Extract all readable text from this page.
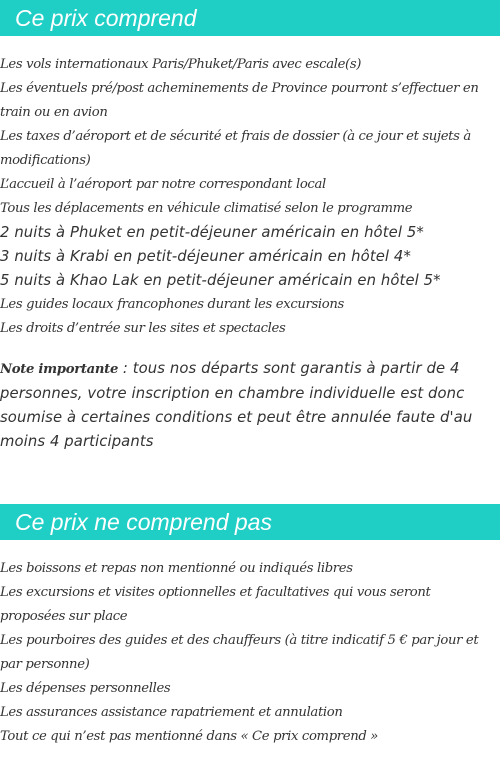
Ce prix comprend
Les vols internationaux Paris/Phuket/Paris avec escale(s)
Les éventuels pré/post acheminements de Province pourront s’effectuer en train ou en avion
Les taxes d’aéroport et de sécurité et frais de dossier (à ce jour et sujets à modifications)
L’accueil à l’aéroport par notre correspondant local
Tous les déplacements en véhicule climatisé selon le programme
2 nuits à Phuket en petit-déjeuner américain en hôtel 5*
3 nuits à Krabi en petit-déjeuner américain en hôtel 4*
5 nuits à Khao Lak en petit-déjeuner américain en hôtel 5*
Les guides locaux francophones durant les excursions
Les droits d’entrée sur les sites et spectacles
Note importante : tous nos départs sont garantis à partir de 4 personnes, votre inscription en chambre individuelle est donc soumise à certaines conditions et peut être annulée faute d'au moins 4 participants
Ce prix ne comprend pas
Les boissons et repas non mentionné ou indiqués libres
Les excursions et visites optionnelles et facultatives qui vous seront proposées sur place
Les pourboires des guides et des chauffeurs (à titre indicatif 5 € par jour et par personne)
Les dépenses personnelles
Les assurances assistance rapatriement et annulation
Tout ce qui n’est pas mentionné dans « Ce prix comprend »
